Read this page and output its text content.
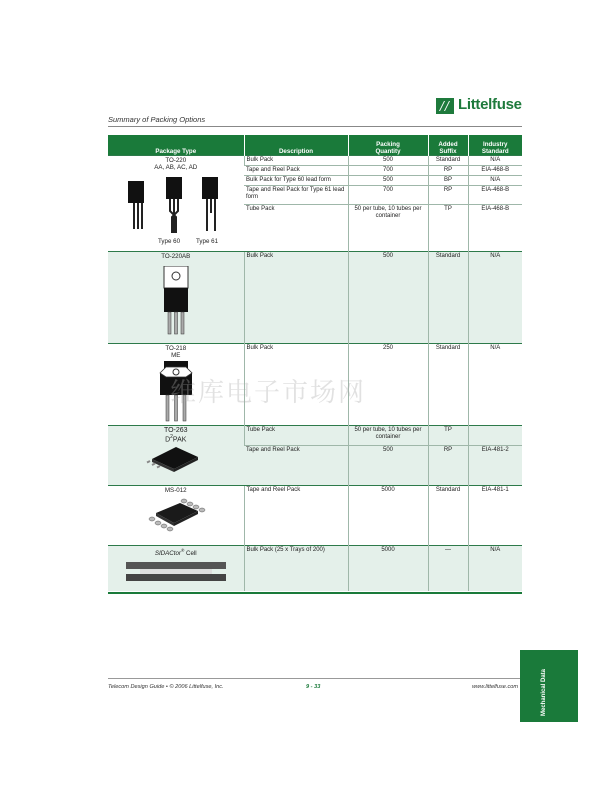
Littelfuse
Summary of Packing Options
Package Type	Description	Packing Quantity	Added Suffix	Industry Standard

TO-220
AA, AB, AC, AD
Type 60 Type 61	Bulk Pack	500	Standard	N/A
	Tape and Reel Pack	700	RP	EIA-468-B
	Bulk Pack for Type 60 lead form	500	BP	N/A
	Tape and Reel Pack for Type 61 lead form	700	RP	EIA-468-B
	Tube Pack	50 per tube, 10 tubes per container	TP	EIA-468-B

TO-220AB	Bulk Pack	500	Standard	N/A

TO-218
ME	Bulk Pack	250	Standard	N/A

TO-263
$D^2PAK$	Tube Pack	50 per tube, 10 tubes per container	TP	
	Tape and Reel Pack	500	RP	EIA-481-2

MS-012	Tape and Reel Pack	5000	Standard	EIA-481-1

SIDACtor® Cell	Bulk Pack (25 x Trays of 200)	5000	—	N/A
维库电子市场网
Telecom Design Guide • © 2006 Littelfuse, Inc.	9 - 33	www.littelfuse.com	Mechanical Data
